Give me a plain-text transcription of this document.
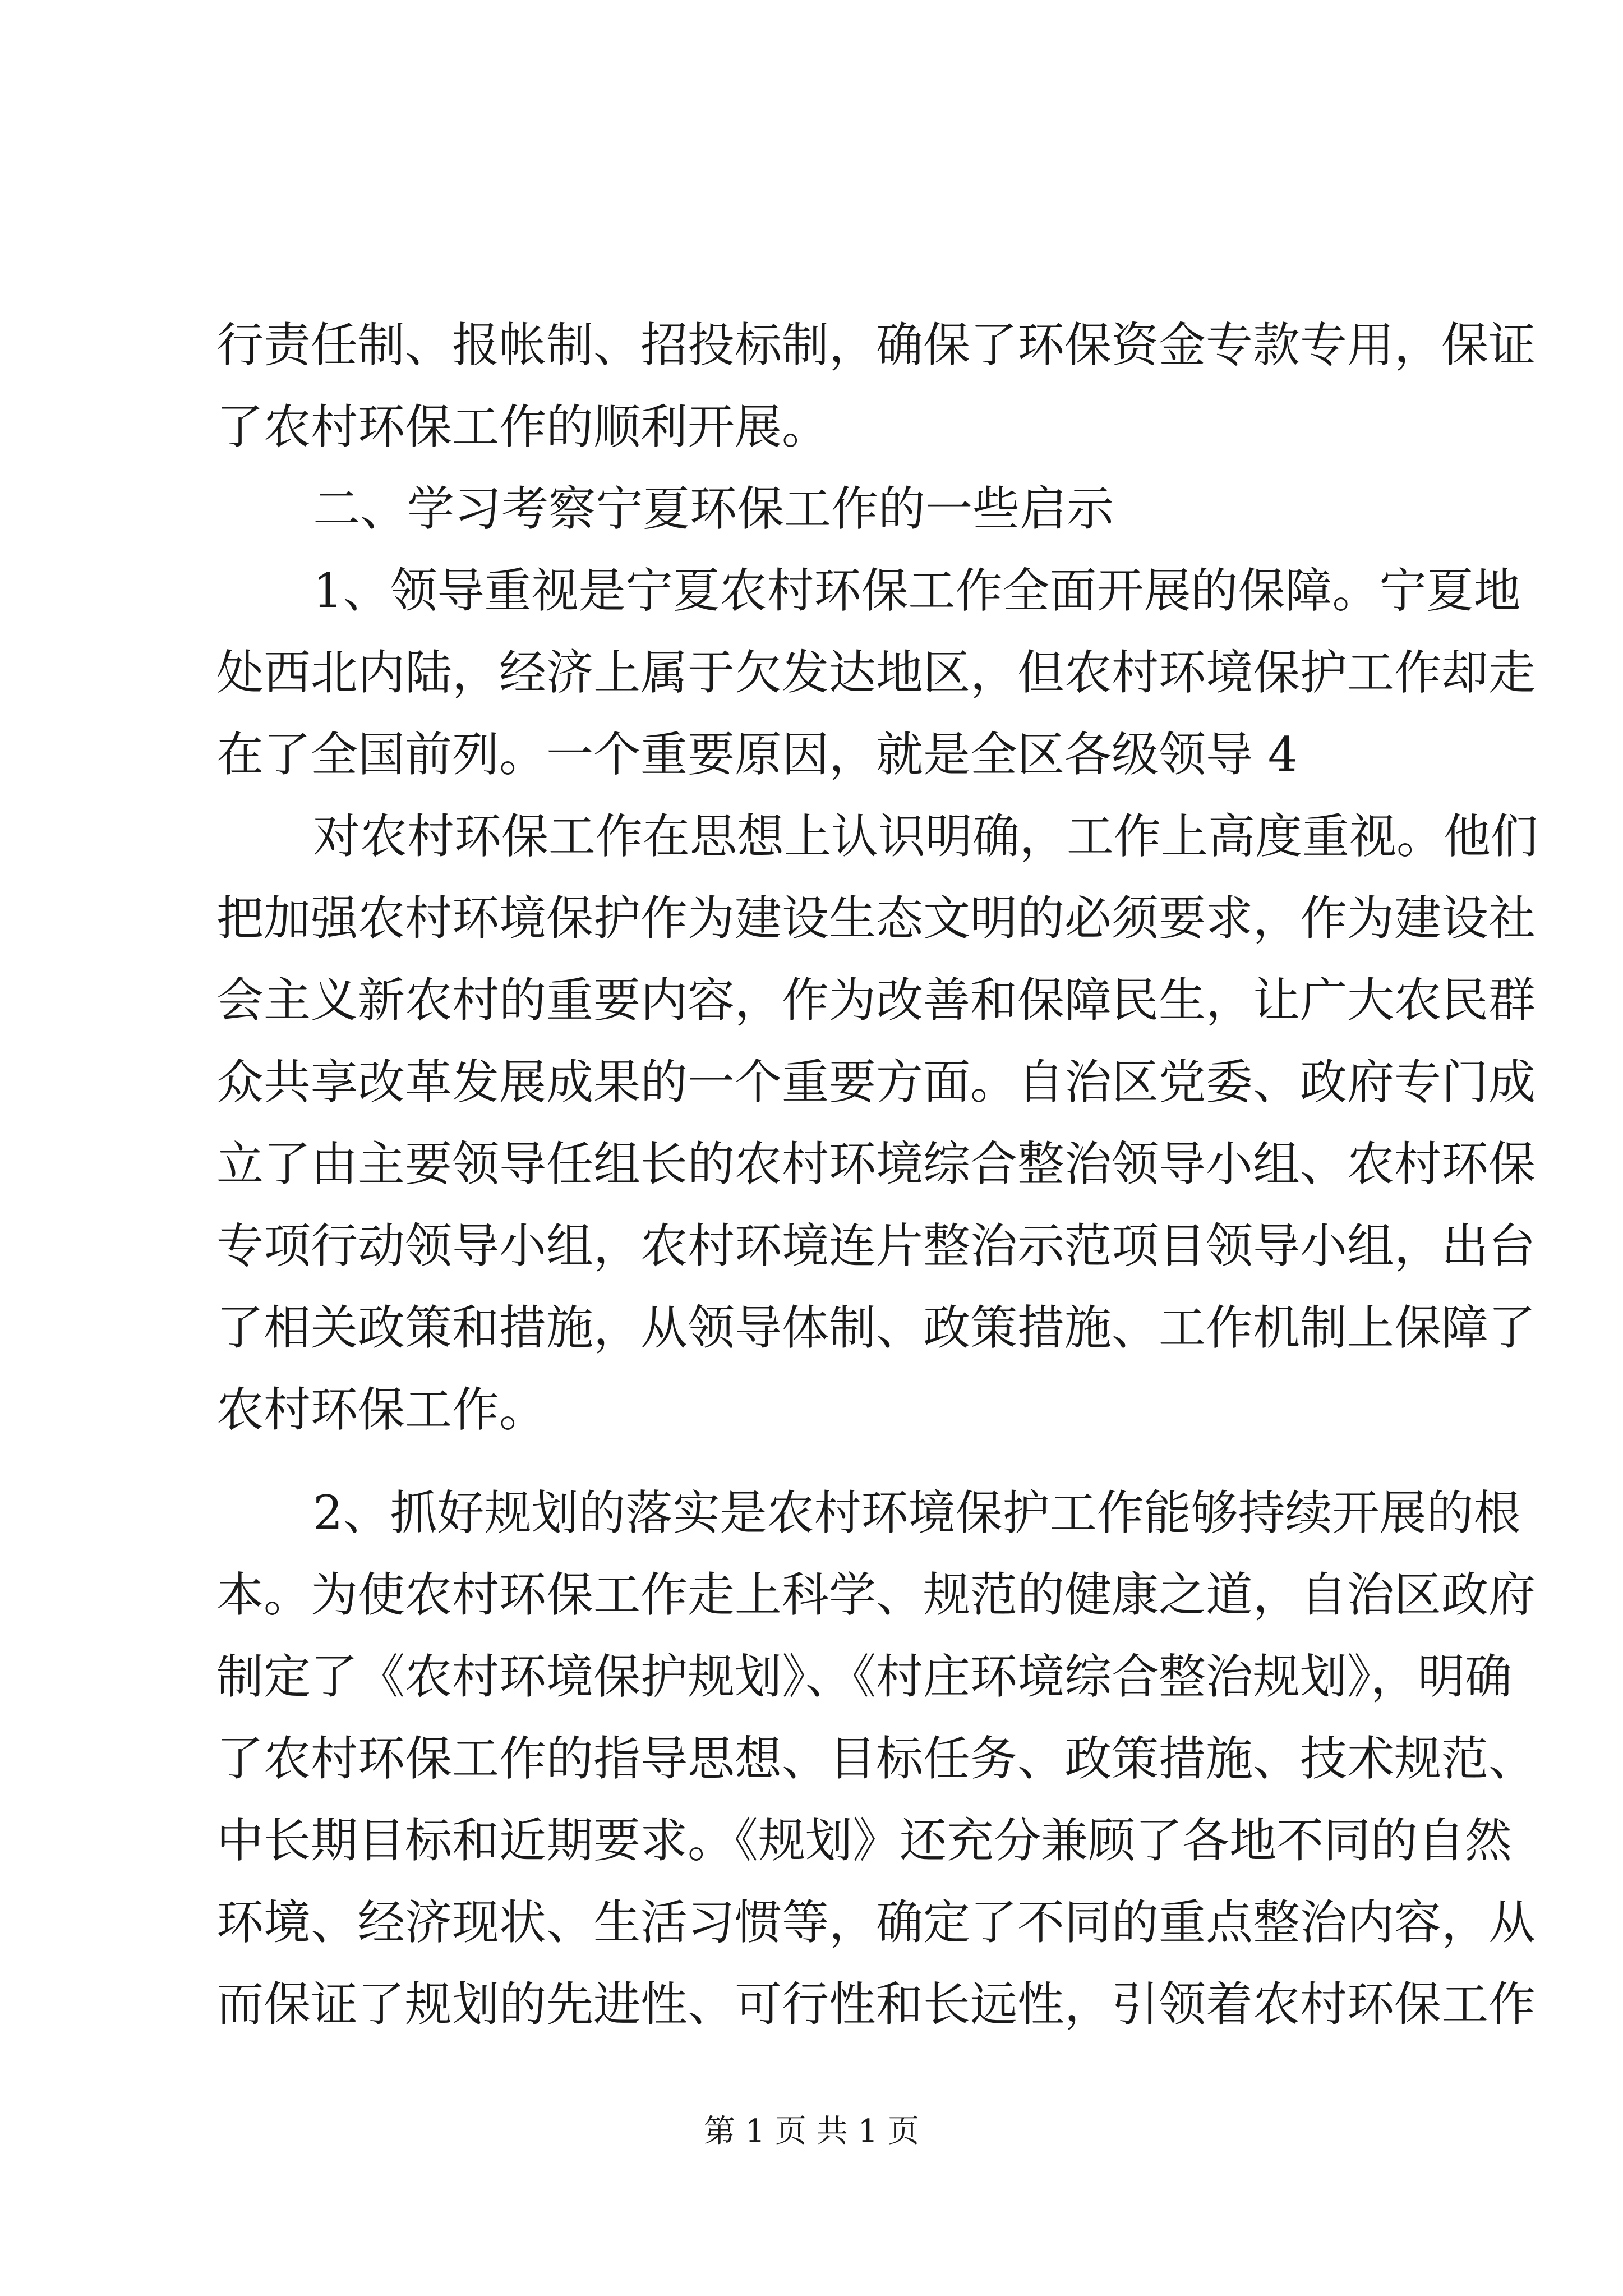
行责任制、报帐制、招投标制，确保了环保资金专款专用，保证
了农村环保工作的顺利开展。
二、学习考察宁夏环保工作的一些启示
1、领导重视是宁夏农村环保工作全面开展的保障。宁夏地
处西北内陆，经济上属于欠发达地区，但农村环境保护工作却走
在了全国前列。一个重要原因，就是全区各级领导 4
对农村环保工作在思想上认识明确，工作上高度重视。他们
把加强农村环境保护作为建设生态文明的必须要求，作为建设社
会主义新农村的重要内容，作为改善和保障民生，让广大农民群
众共享改革发展成果的一个重要方面。自治区党委、政府专门成
立了由主要领导任组长的农村环境综合整治领导小组、农村环保
专项行动领导小组，农村环境连片整治示范项目领导小组，出台
了相关政策和措施，从领导体制、政策措施、工作机制上保障了
农村环保工作。
2、抓好规划的落实是农村环境保护工作能够持续开展的根
本。为使农村环保工作走上科学、规范的健康之道，自治区政府
制定了《农村环境保护规划》、《村庄环境综合整治规划》，明确
了农村环保工作的指导思想、目标任务、政策措施、技术规范、
中长期目标和近期要求。《规划》还充分兼顾了各地不同的自然
环境、经济现状、生活习惯等，确定了不同的重点整治内容，从
而保证了规划的先进性、可行性和长远性，引领着农村环保工作
第 1 页 共 1 页
